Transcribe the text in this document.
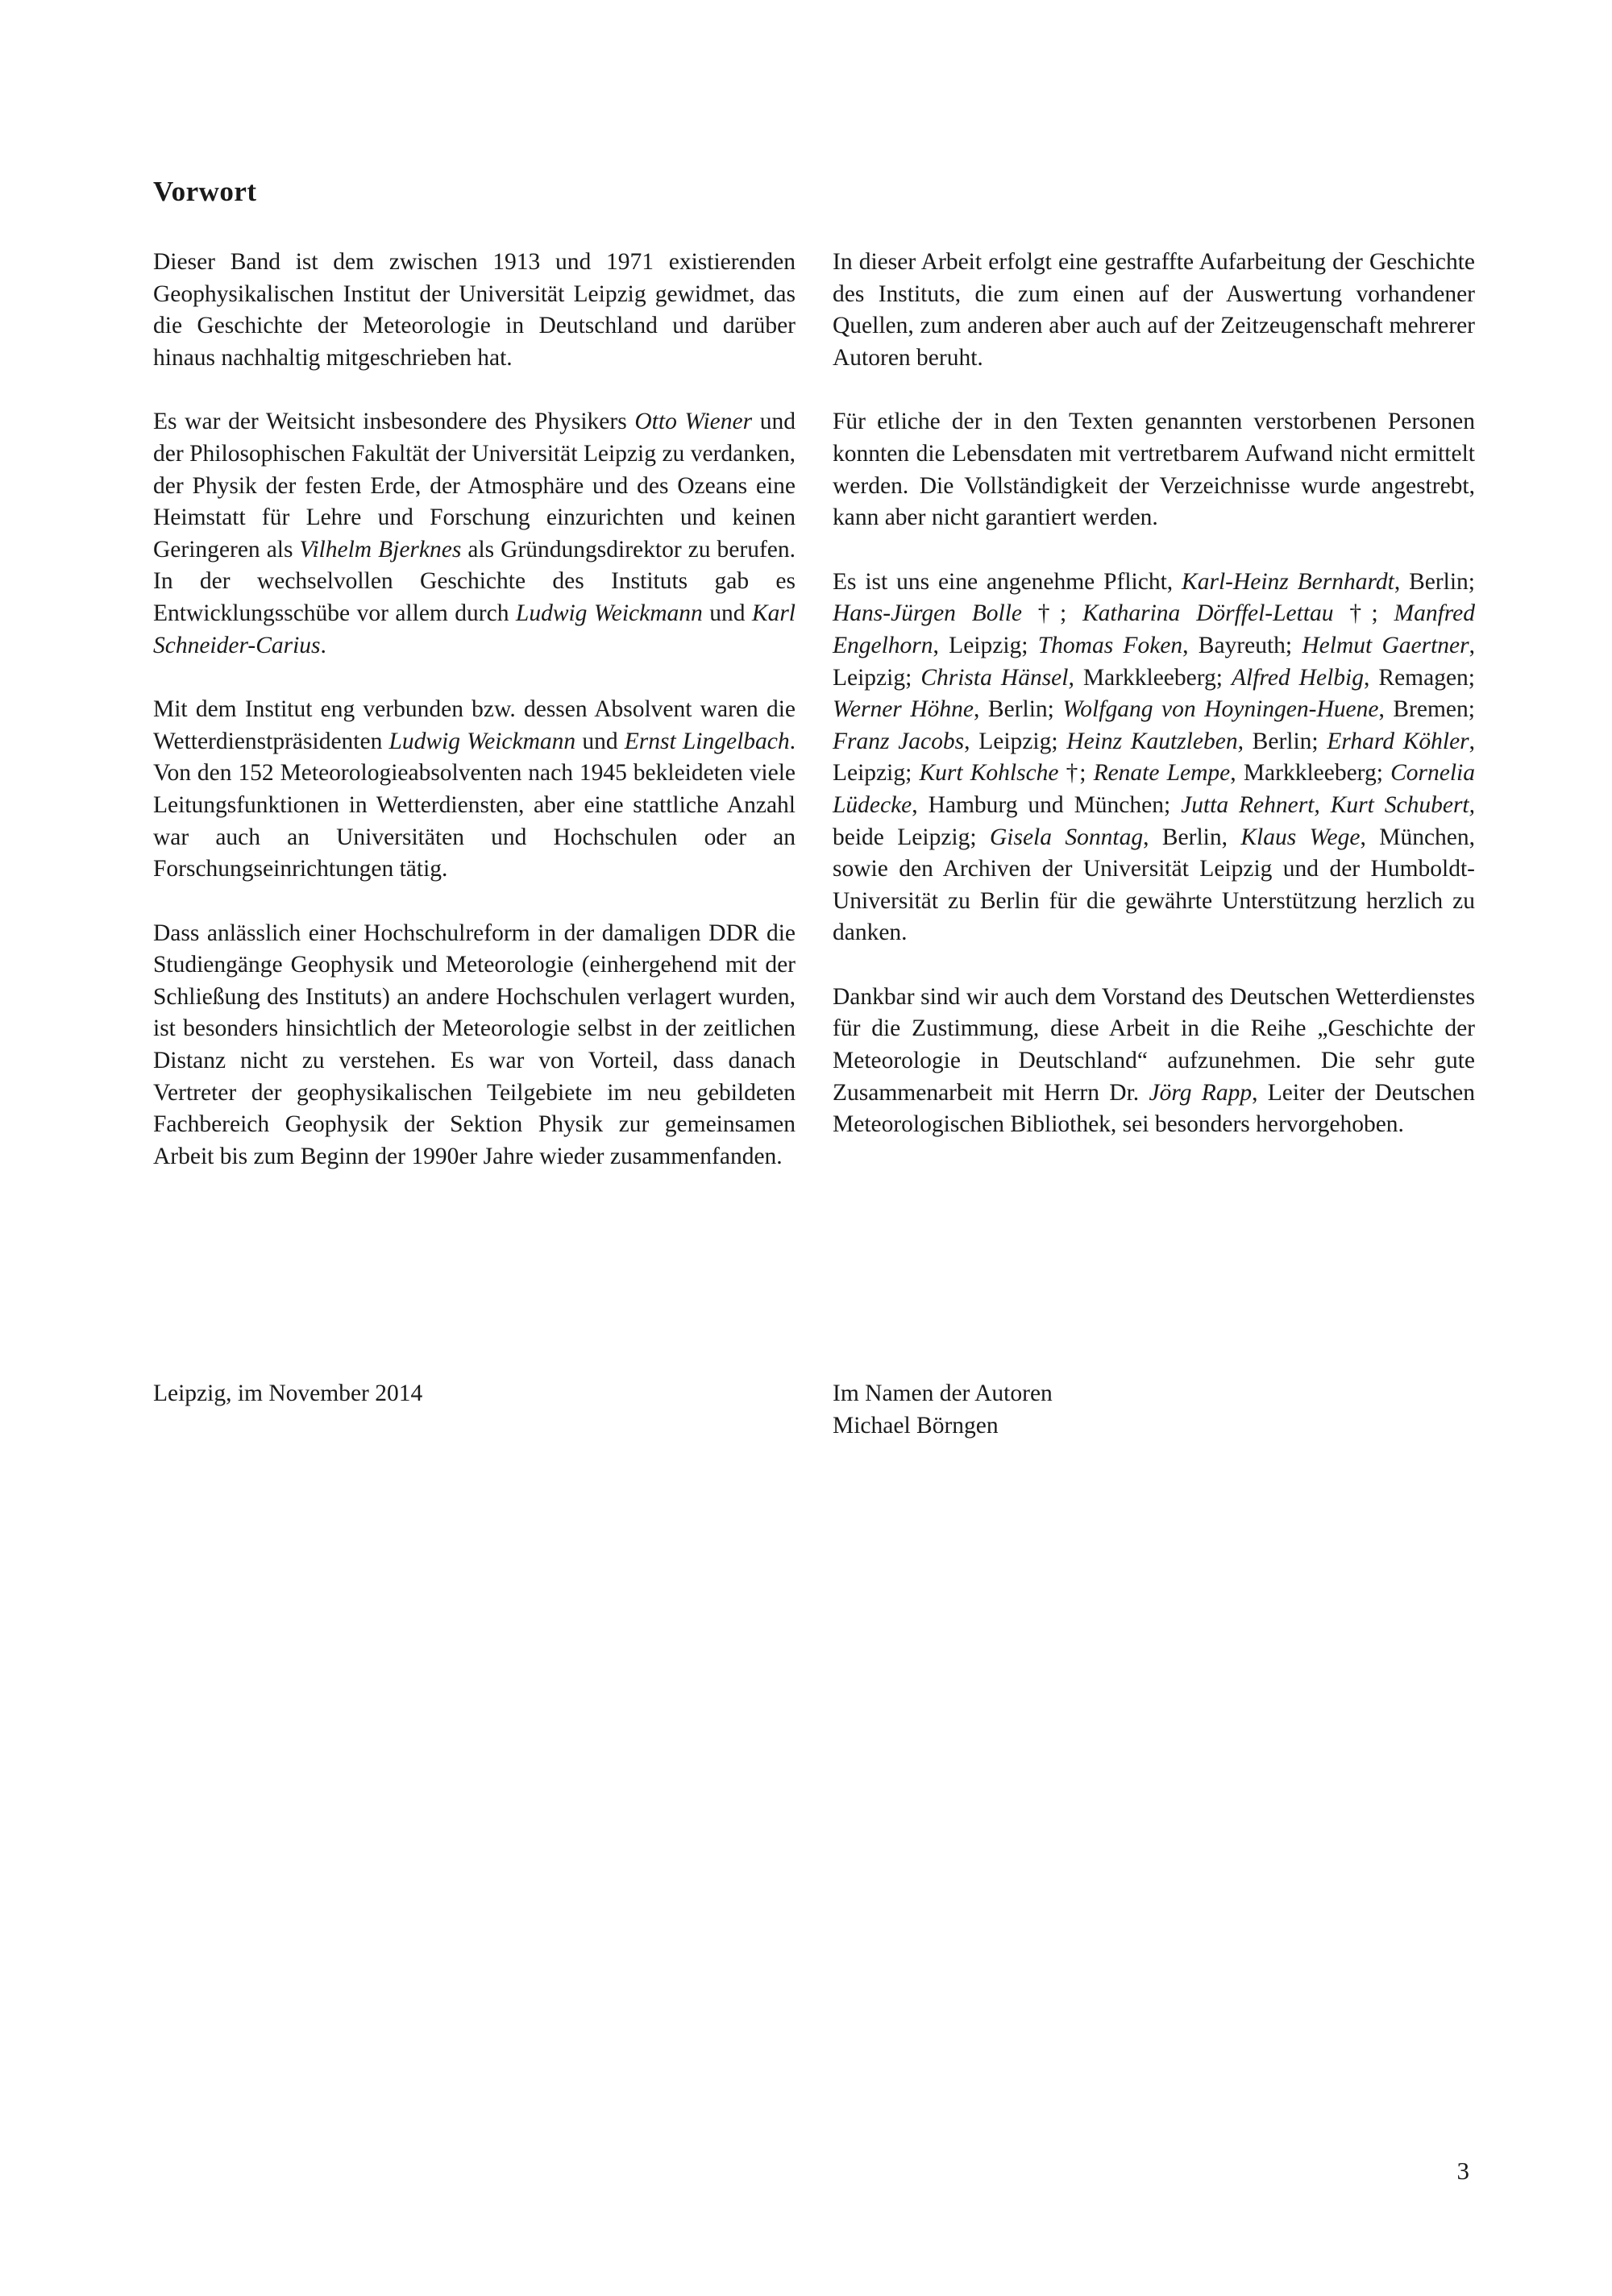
Vorwort

Dieser Band ist dem zwischen 1913 und 1971 existierenden Geophysikalischen Institut der Universität Leipzig gewidmet, das die Geschichte der Meteorologie in Deutschland und darüber hinaus nachhaltig mitgeschrieben hat.

Es war der Weitsicht insbesondere des Physikers Otto Wiener und der Philosophischen Fakultät der Universität Leipzig zu verdanken, der Physik der festen Erde, der Atmosphäre und des Ozeans eine Heimstatt für Lehre und Forschung einzurichten und keinen Geringeren als Vilhelm Bjerknes als Gründungsdirektor zu berufen. In der wechselvollen Geschichte des Instituts gab es Entwicklungsschübe vor allem durch Ludwig Weickmann und Karl Schneider-Carius.

Mit dem Institut eng verbunden bzw. dessen Absolvent waren die Wetterdienstpräsidenten Ludwig Weickmann und Ernst Lingelbach. Von den 152 Meteorologieabsolventen nach 1945 bekleideten viele Leitungsfunktionen in Wetterdiensten, aber eine stattliche Anzahl war auch an Universitäten und Hochschulen oder an Forschungseinrichtungen tätig.

Dass anlässlich einer Hochschulreform in der damaligen DDR die Studiengänge Geophysik und Meteorologie (einhergehend mit der Schließung des Instituts) an andere Hochschulen verlagert wurden, ist besonders hinsichtlich der Meteorologie selbst in der zeitlichen Distanz nicht zu verstehen. Es war von Vorteil, dass danach Vertreter der geophysikalischen Teilgebiete im neu gebildeten Fachbereich Geophysik der Sektion Physik zur gemeinsamen Arbeit bis zum Beginn der 1990er Jahre wieder zusammenfanden.

In dieser Arbeit erfolgt eine gestraffte Aufarbeitung der Geschichte des Instituts, die zum einen auf der Auswertung vorhandener Quellen, zum anderen aber auch auf der Zeitzeugenschaft mehrerer Autoren beruht.

Für etliche der in den Texten genannten verstorbenen Personen konnten die Lebensdaten mit vertretbarem Aufwand nicht ermittelt werden. Die Vollständigkeit der Verzeichnisse wurde angestrebt, kann aber nicht garantiert werden.

Es ist uns eine angenehme Pflicht, Karl-Heinz Bernhardt, Berlin; Hans-Jürgen Bolle †; Katharina Dörffel-Lettau †; Manfred Engelhorn, Leipzig; Thomas Foken, Bayreuth; Helmut Gaertner, Leipzig; Christa Hänsel, Markkleeberg; Alfred Helbig, Remagen; Werner Höhne, Berlin; Wolfgang von Hoyningen-Huene, Bremen; Franz Jacobs, Leipzig; Heinz Kautzleben, Berlin; Erhard Köhler, Leipzig; Kurt Kohlsche †; Renate Lempe, Markkleeberg; Cornelia Lüdecke, Hamburg und München; Jutta Rehnert, Kurt Schubert, beide Leipzig; Gisela Sonntag, Berlin, Klaus Wege, München, sowie den Archiven der Universität Leipzig und der Humboldt-Universität zu Berlin für die gewährte Unterstützung herzlich zu danken.

Dankbar sind wir auch dem Vorstand des Deutschen Wetterdienstes für die Zustimmung, diese Arbeit in die Reihe „Geschichte der Meteorologie in Deutschland“ aufzunehmen. Die sehr gute Zusammenarbeit mit Herrn Dr. Jörg Rapp, Leiter der Deutschen Meteorologischen Bibliothek, sei besonders hervorgehoben.

Leipzig, im November 2014	Im Namen der Autoren
Michael Börngen
3
